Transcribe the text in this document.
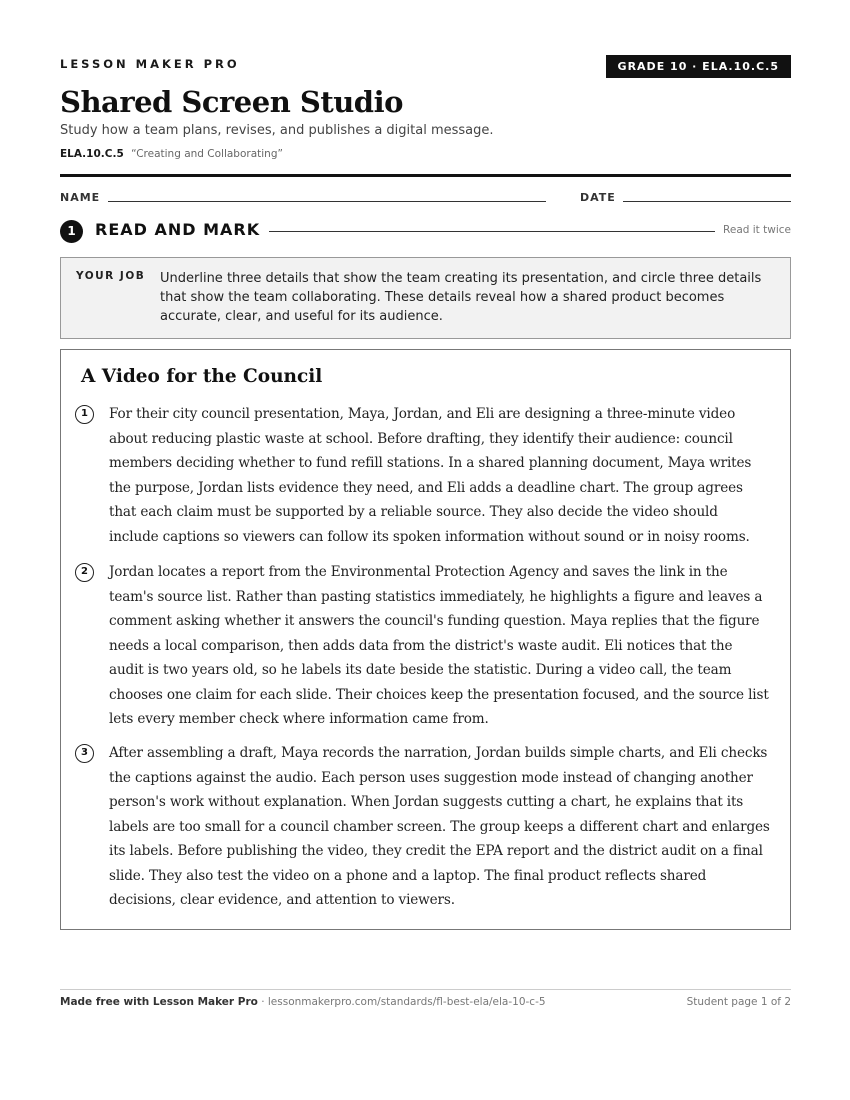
LESSON MAKER PRO	GRADE 10 · ELA.10.C.5
Shared Screen Studio
Study how a team plans, revises, and publishes a digital message.
ELA.10.C.5 “Creating and Collaborating”
NAME	DATE
1	READ AND MARK	Read it twice
YOUR JOB Underline three details that show the team creating its presentation, and circle three details that show the team collaborating. These details reveal how a shared product becomes accurate, clear, and useful for its audience.
A Video for the Council
1	For their city council presentation, Maya, Jordan, and Eli are designing a three-minute video about reducing plastic waste at school. Before drafting, they identify their audience: council members deciding whether to fund refill stations. In a shared planning document, Maya writes the purpose, Jordan lists evidence they need, and Eli adds a deadline chart. The group agrees that each claim must be supported by a reliable source. They also decide the video should include captions so viewers can follow its spoken information without sound or in noisy rooms.

2	Jordan locates a report from the Environmental Protection Agency and saves the link in the team's source list. Rather than pasting statistics immediately, he highlights a figure and leaves a comment asking whether it answers the council's funding question. Maya replies that the figure needs a local comparison, then adds data from the district's waste audit. Eli notices that the audit is two years old, so he labels its date beside the statistic. During a video call, the team chooses one claim for each slide. Their choices keep the presentation focused, and the source list lets every member check where information came from.

3	After assembling a draft, Maya records the narration, Jordan builds simple charts, and Eli checks the captions against the audio. Each person uses suggestion mode instead of changing another person's work without explanation. When Jordan suggests cutting a chart, he explains that its labels are too small for a council chamber screen. The group keeps a different chart and enlarges its labels. Before publishing the video, they credit the EPA report and the district audit on a final slide. They also test the video on a phone and a laptop. The final product reflects shared decisions, clear evidence, and attention to viewers.

Made free with Lesson Maker Pro · lessonmakerpro.com/standards/fl-best-ela/ela-10-c-5	Student page 1 of 2
